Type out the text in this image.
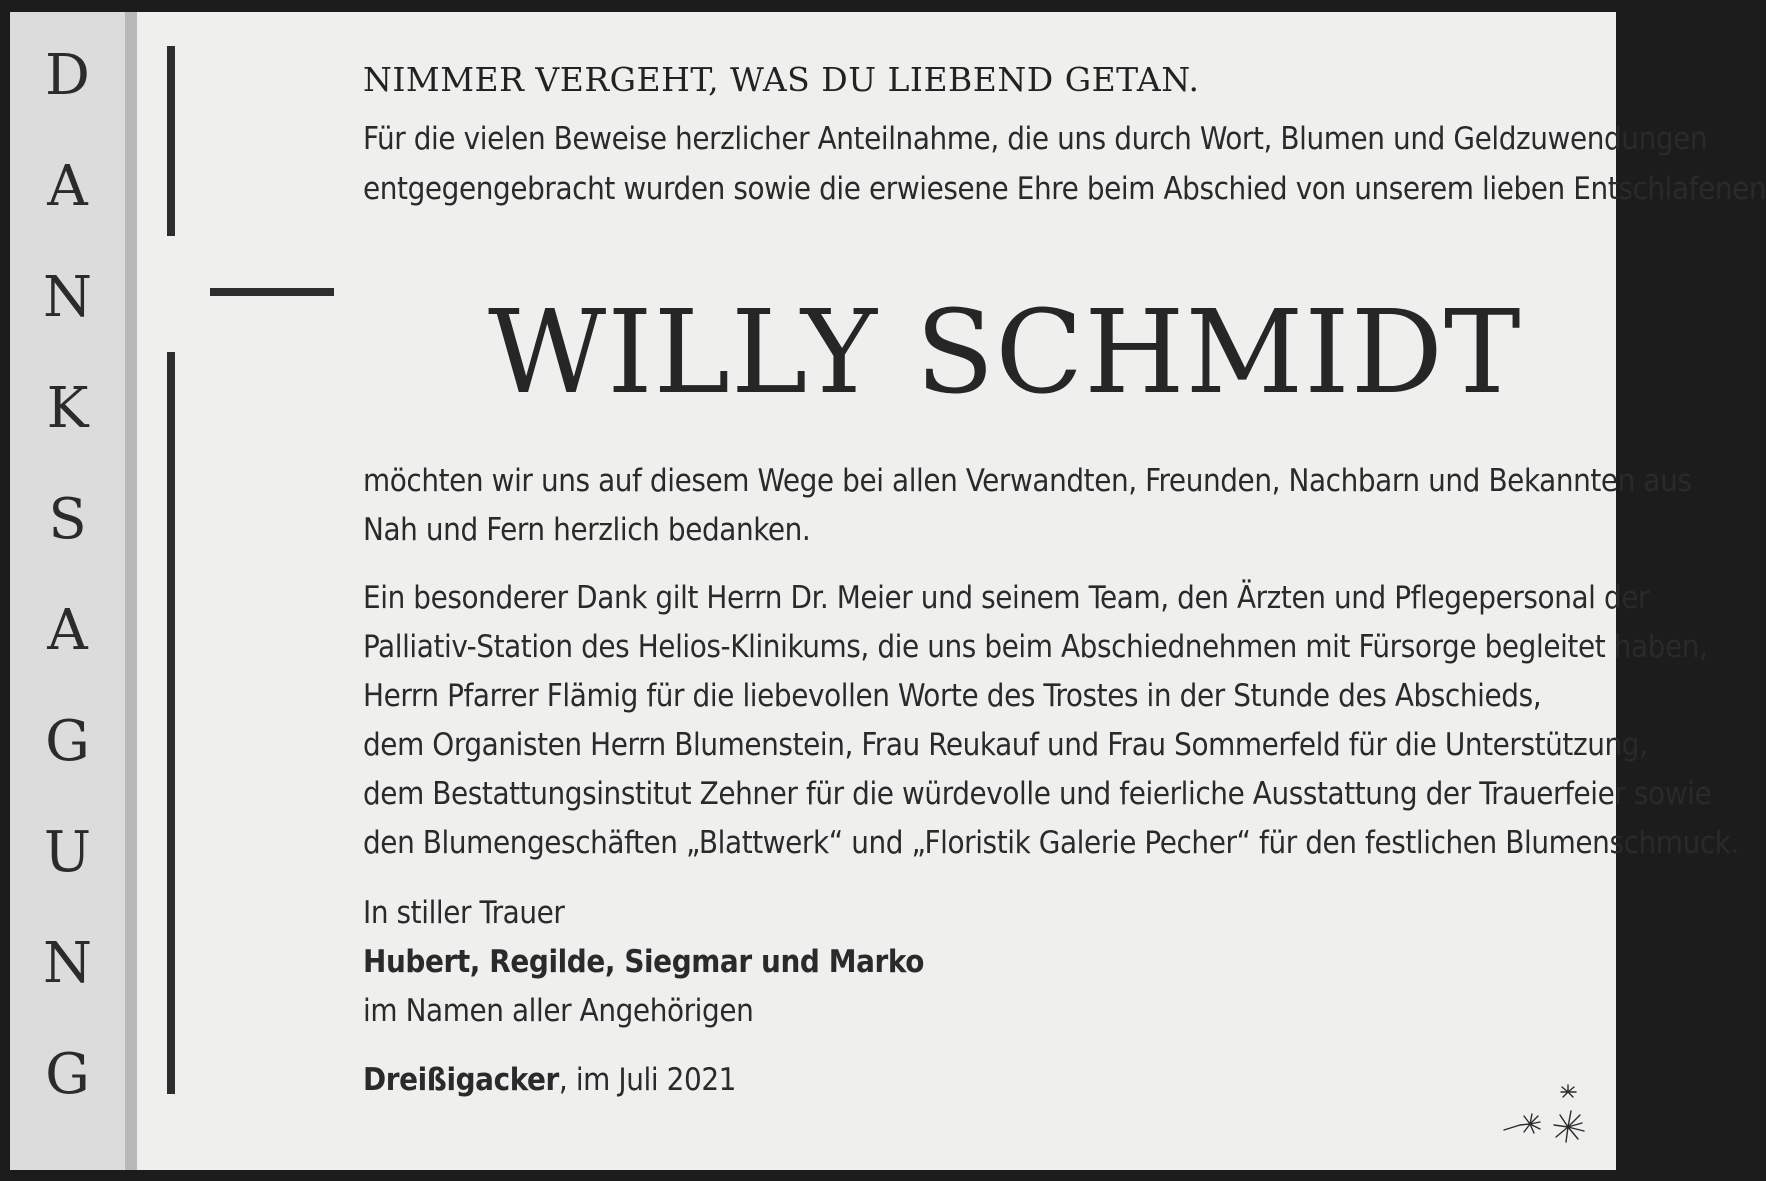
D
A
N
K
S
A
G
U
N
G
NIMMER VERGEHT, WAS DU LIEBEND GETAN.
Für die vielen Beweise herzlicher Anteilnahme, die uns durch Wort, Blumen und Geldzuwendungen
entgegengebracht wurden sowie die erwiesene Ehre beim Abschied von unserem lieben Entschlafenen
WILLY SCHMIDT
möchten wir uns auf diesem Wege bei allen Verwandten, Freunden, Nachbarn und Bekannten aus
Nah und Fern herzlich bedanken.
Ein besonderer Dank gilt Herrn Dr. Meier und seinem Team, den Ärzten und Pflegepersonal der
Palliativ-Station des Helios-Klinikums, die uns beim Abschiednehmen mit Fürsorge begleitet haben,
Herrn Pfarrer Flämig für die liebevollen Worte des Trostes in der Stunde des Abschieds,
dem Organisten Herrn Blumenstein, Frau Reukauf und Frau Sommerfeld für die Unterstützung,
dem Bestattungsinstitut Zehner für die würdevolle und feierliche Ausstattung der Trauerfeier sowie
den Blumengeschäften „Blattwerk“ und „Floristik Galerie Pecher“ für den festlichen Blumenschmuck.
In stiller Trauer
Hubert, Regilde, Siegmar und Marko
im Namen aller Angehörigen
Dreißigacker, im Juli 2021
